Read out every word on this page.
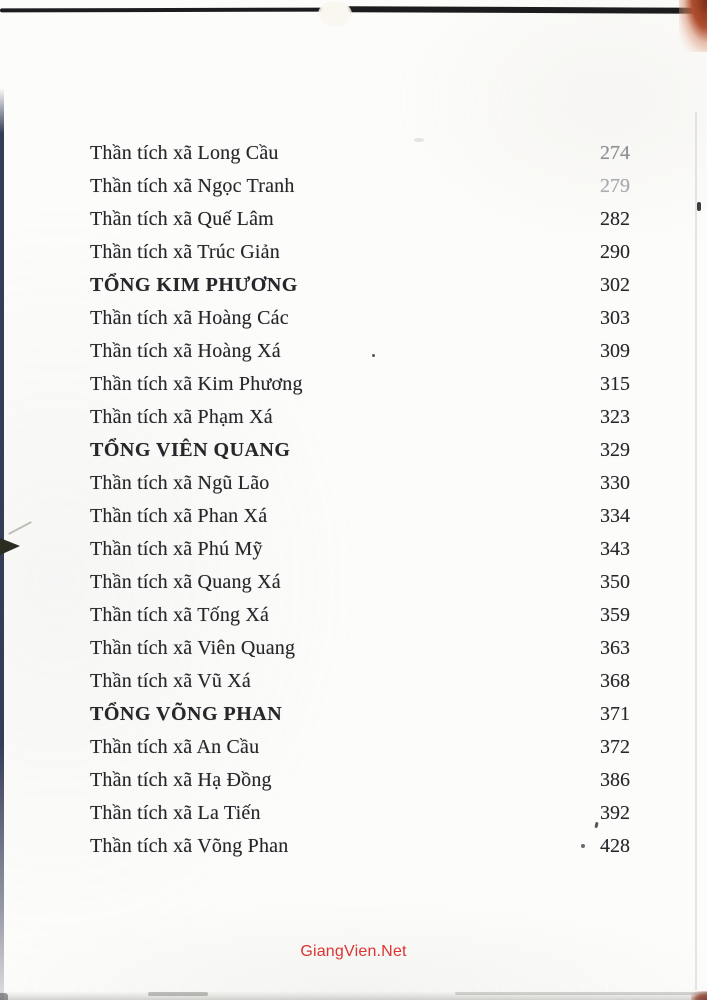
Thần tích xã Long Cầu	274
Thần tích xã Ngọc Tranh	279
Thần tích xã Quế Lâm	282
Thần tích xã Trúc Giản	290
TỔNG KIM PHƯƠNG	302
Thần tích xã Hoàng Các	303
Thần tích xã Hoàng Xá	309
Thần tích xã Kim Phương	315
Thần tích xã Phạm Xá	323
TỔNG VIÊN QUANG	329
Thần tích xã Ngũ Lão	330
Thần tích xã Phan Xá	334
Thần tích xã Phú Mỹ	343
Thần tích xã Quang Xá	350
Thần tích xã Tống Xá	359
Thần tích xã Viên Quang	363
Thần tích xã Vũ Xá	368
TỔNG VÕNG PHAN	371
Thần tích xã An Cầu	372
Thần tích xã Hạ Đồng	386
Thần tích xã La Tiến	392
Thần tích xã Võng Phan	428
GiangVien.Net
